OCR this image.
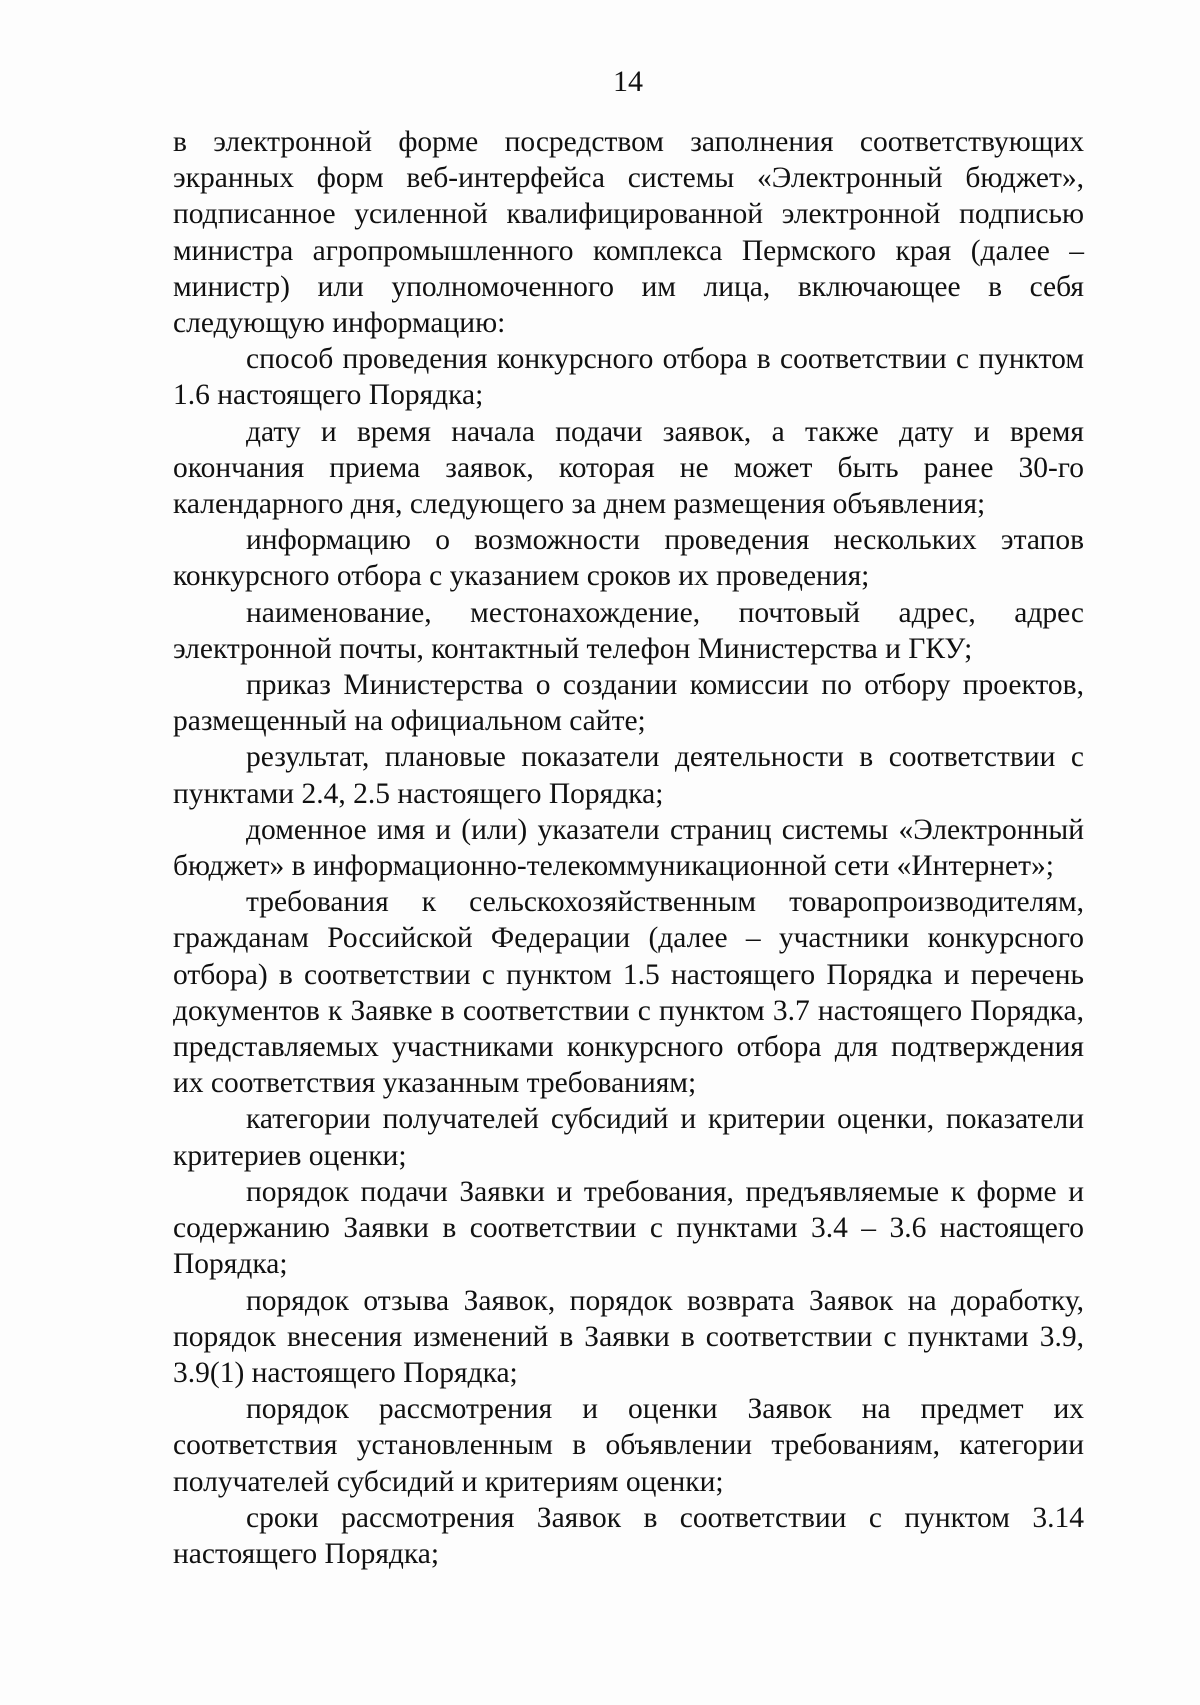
14

в электронной форме посредством заполнения соответствующих экранных форм веб-интерфейса системы «Электронный бюджет», подписанное усиленной квалифицированной электронной подписью министра агропромышленного комплекса Пермского края (далее – министр) или уполномоченного им лица, включающее в себя следующую информацию:

способ проведения конкурсного отбора в соответствии с пунктом 1.6 настоящего Порядка;

дату и время начала подачи заявок, а также дату и время окончания приема заявок, которая не может быть ранее 30-го календарного дня, следующего за днем размещения объявления;

информацию о возможности проведения нескольких этапов конкурсного отбора с указанием сроков их проведения;

наименование, местонахождение, почтовый адрес, адрес электронной почты, контактный телефон Министерства и ГКУ;

приказ Министерства о создании комиссии по отбору проектов, размещенный на официальном сайте;

результат, плановые показатели деятельности в соответствии с пунктами 2.4, 2.5 настоящего Порядка;

доменное имя и (или) указатели страниц системы «Электронный бюджет» в информационно-телекоммуникационной сети «Интернет»;

требования к сельскохозяйственным товаропроизводителям, гражданам Российской Федерации (далее – участники конкурсного отбора) в соответствии с пунктом 1.5 настоящего Порядка и перечень документов к Заявке в соответствии с пунктом 3.7 настоящего Порядка, представляемых участниками конкурсного отбора для подтверждения их соответствия указанным требованиям;

категории получателей субсидий и критерии оценки, показатели критериев оценки;

порядок подачи Заявки и требования, предъявляемые к форме и содержанию Заявки в соответствии с пунктами 3.4 – 3.6 настоящего Порядка;

порядок отзыва Заявок, порядок возврата Заявок на доработку, порядок внесения изменений в Заявки в соответствии с пунктами 3.9, 3.9(1) настоящего Порядка;

порядок рассмотрения и оценки Заявок на предмет их соответствия установленным в объявлении требованиям, категории получателей субсидий и критериям оценки;

сроки рассмотрения Заявок в соответствии с пунктом 3.14 настоящего Порядка;
